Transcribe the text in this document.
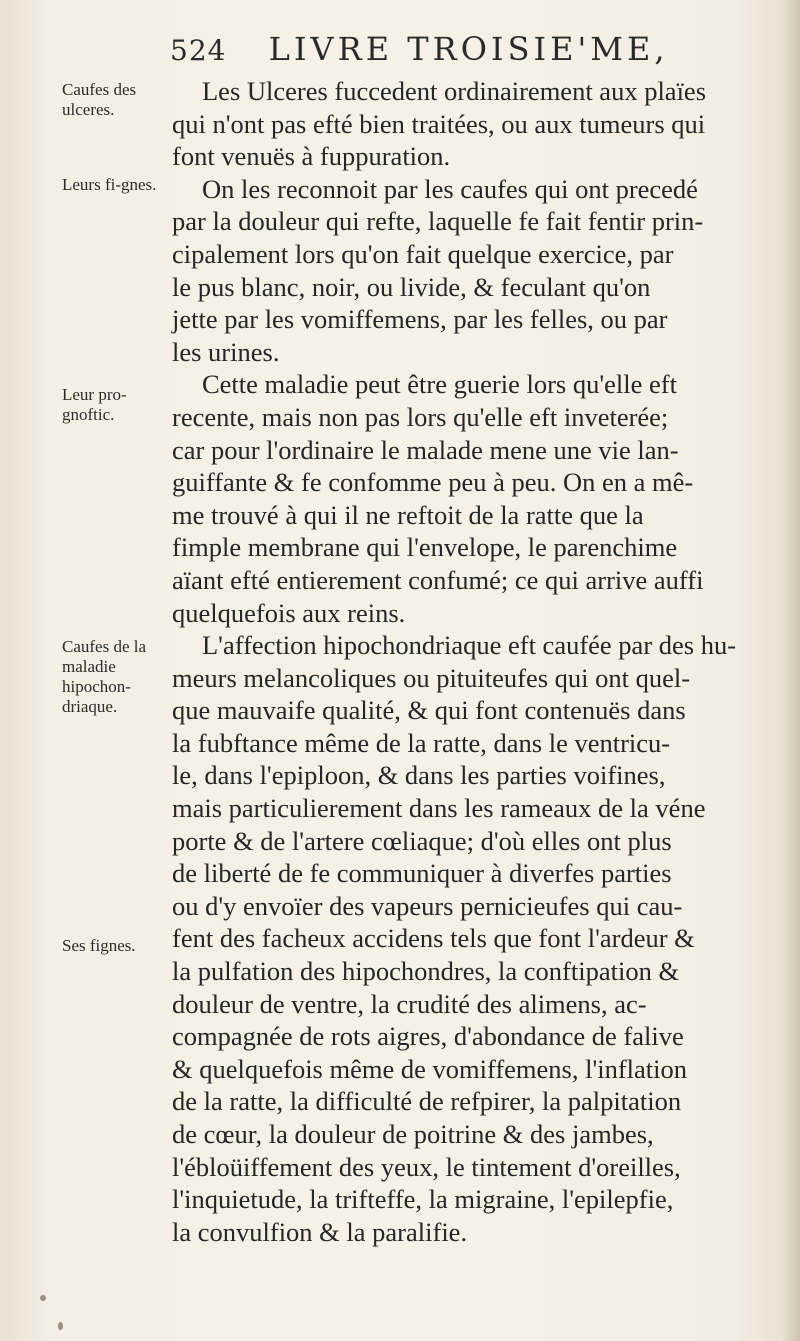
524 LIVRE TROISIE'ME,
Caufes des ulceres.
Leurs fi-gnes.
Leur pro-gnoftic.
Caufes de la maladie hipochon-driaque.
Ses fignes.
Les Ulceres fuccedent ordinairement aux plaïes
qui n'ont pas efté bien traitées, ou aux tumeurs qui
font venuës à fuppuration.
On les reconnoit par les caufes qui ont precedé
par la douleur qui refte, laquelle fe fait fentir prin-
cipalement lors qu'on fait quelque exercice, par
le pus blanc, noir, ou livide, & feculant qu'on
jette par les vomiffemens, par les felles, ou par
les urines.
Cette maladie peut être guerie lors qu'elle eft
recente, mais non pas lors qu'elle eft inveterée;
car pour l'ordinaire le malade mene une vie lan-
guiffante & fe confomme peu à peu. On en a mê-
me trouvé à qui il ne reftoit de la ratte que la
fimple membrane qui l'envelope, le parenchime
aïant efté entierement confumé; ce qui arrive auffi
quelquefois aux reins.
L'affection hipochondriaque eft caufée par des hu-
meurs melancoliques ou pituiteufes qui ont quel-
que mauvaife qualité, & qui font contenuës dans
la fubftance même de la ratte, dans le ventricu-
le, dans l'epiploon, & dans les parties voifines,
mais particulierement dans les rameaux de la véne
porte & de l'artere cœliaque; d'où elles ont plus
de liberté de fe communiquer à diverfes parties
ou d'y envoïer des vapeurs pernicieufes qui cau-
fent des facheux accidens tels que font l'ardeur &
la pulfation des hipochondres, la conftipation &
douleur de ventre, la crudité des alimens, ac-
compagnée de rots aigres, d'abondance de falive
& quelquefois même de vomiffemens, l'inflation
de la ratte, la difficulté de refpirer, la palpitation
de cœur, la douleur de poitrine & des jambes,
l'ébloüiffement des yeux, le tintement d'oreilles,
l'inquietude, la trifteffe, la migraine, l'epilepfie,
la convulfion & la paralifie.
